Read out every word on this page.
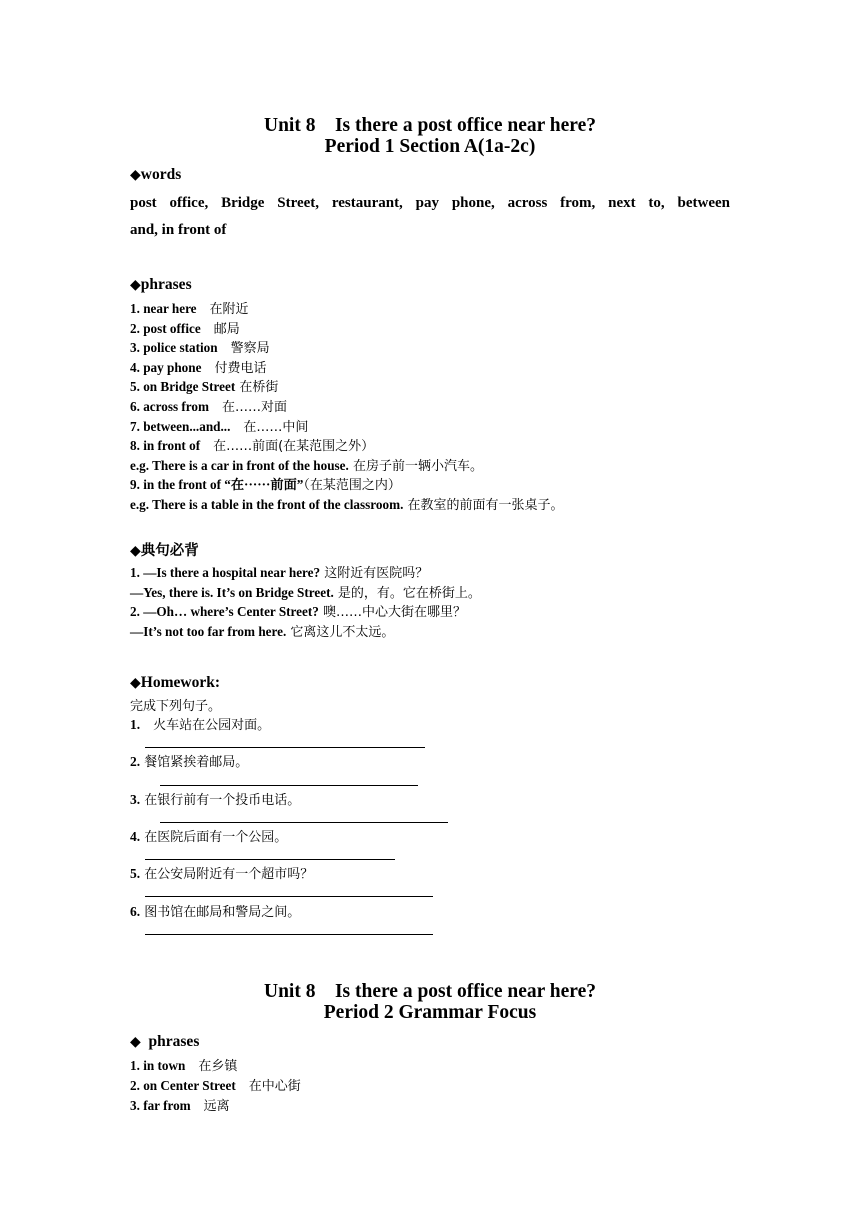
Unit 8　Is there a post office near here?
Period 1 Section A(1a-2c)
◆words
post office, Bridge Street, restaurant, pay phone, across from, next to, between
and, in front of
◆phrases
1. near here　在附近
2. post office　邮局
3. police station　警察局
4. pay phone　付费电话
5. on Bridge Street 在桥街
6. across from　在……对面
7. between...and...　在……中间
8. in front of　在……前面(在某范围之外）
e.g. There is a car in front of the house. 在房子前一辆小汽车。
9. in the front of “在······前面”（在某范围之内）
e.g. There is a table in the front of the classroom. 在教室的前面有一张桌子。
◆典句必背
1. —Is there a hospital near here? 这附近有医院吗？
—Yes, there is. It’s on Bridge Street. 是的，有。它在桥街上。
2. —Oh… where’s Center Street? 噢……中心大街在哪里？
—It’s not too far from here. 它离这儿不太远。
◆Homework:
完成下列句子。
1.　火车站在公园对面。
2. 餐馆紧挨着邮局。
3. 在银行前有一个投币电话。
4. 在医院后面有一个公园。
5. 在公安局附近有一个超市吗？
6. 图书馆在邮局和警局之间。
Unit 8　Is there a post office near here?
Period 2 Grammar Focus
◆ phrases
1. in town　在乡镇
2. on Center Street　在中心街
3. far from　远离
